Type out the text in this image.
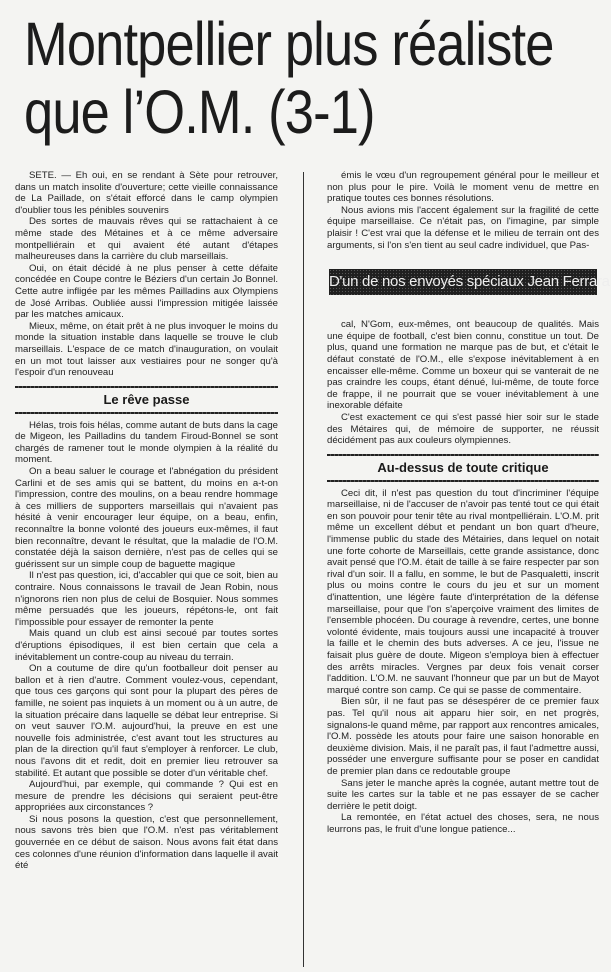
Montpellier plus réaliste
que l’O.M. (3-1)

SETE. — Eh oui, en se rendant à Sète pour retrouver, dans un match insolite d'ouverture; cette vieille connaissance de La Paillade, on s'était efforcé dans le camp olympien d'oublier tous les pénibles souvenirs

Des sortes de mauvais rêves qui se rattachaient à ce même stade des Métaines et à ce même adversaire montpelliérain et qui avaient été autant d'étapes malheureuses dans la carrière du club marseillais.

Oui, on était décidé à ne plus penser à cette défaite concédée en Coupe contre le Béziers d'un certain Jo Bonnel. Cette autre infligée par les mêmes Pailladins aux Olympiens de José Arribas. Oubliée aussi l'impression mitigée laissée par les matches amicaux.

Mieux, même, on était prêt à ne plus invoquer le moins du monde la situation instable dans laquelle se trouve le club marseillais. L'espace de ce match d'inauguration, on voulait en un mot tout laisser aux vestiaires pour ne songer qu'à l'espoir d'un renouveau

Le rêve passe

Hélas, trois fois hélas, comme autant de buts dans la cage de Migeon, les Pailladins du tandem Firoud-Bonnel se sont chargés de ramener tout le monde olympien à la réalité du moment.

On a beau saluer le courage et l'abnégation du président Carlini et de ses amis qui se battent, du moins en a-t-on l'impression, contre des moulins, on a beau rendre hommage à ces milliers de supporters marseillais qui n'avaient pas hésité à venir encourager leur équipe, on a beau, enfin, reconnaître la bonne volonté des joueurs eux-mêmes, il faut bien reconnaître, devant le résultat, que la maladie de l'O.M. constatée déjà la saison dernière, n'est pas de celles qui se guérissent sur un simple coup de baguette magique

Il n'est pas question, ici, d'accabler qui que ce soit, bien au contraire. Nous connaissons le travail de Jean Robin, nous n'ignorons rien non plus de celui de Bosquier. Nous sommes même persuadés que les joueurs, répétons-le, ont fait l'impossible pour essayer de remonter la pente

Mais quand un club est ainsi secoué par toutes sortes d'éruptions épisodiques, il est bien certain que cela a inévitablement un contre-coup au niveau du terrain.

On a coutume de dire qu'un footballeur doit penser au ballon et à rien d'autre. Comment voulez-vous, cependant, que tous ces garçons qui sont pour la plupart des pères de famille, ne soient pas inquiets à un moment ou à un autre, de la situation précaire dans laquelle se débat leur entreprise. Si on veut sauver l'O.M. aujourd'hui, la preuve en est une nouvelle fois administrée, c'est avant tout les structures au plan de la direction qu'il faut s'employer à renforcer. Le club, nous l'avons dit et redit, doit en premier lieu retrouver sa stabilité. Et autant que possible se doter d'un véritable chef.

Aujourd'hui, par exemple, qui commande ? Qui est en mesure de prendre les décisions qui seraient peut-être appropriées aux circonstances ?

Si nous posons la question, c'est que personnellement, nous savons très bien que l'O.M. n'est pas véritablement gouvernée en ce début de saison. Nous avons fait état dans ces colonnes d'une réunion d'information dans laquelle il avait été

émis le vœu d'un regroupement général pour le meilleur et non plus pour le pire. Voilà le moment venu de mettre en pratique toutes ces bonnes résolutions.

Nous avions mis l'accent également sur la fragilité de cette équipe marseillaise. Ce n'était pas, on l'imagine, par simple plaisir ! C'est vrai que la défense et le milieu de terrain ont des arguments, si l'on s'en tient au seul cadre individuel, que Pas-

D'un de nos envoyés spéciaux Jean Ferrara

cal, N'Gom, eux-mêmes, ont beaucoup de qualités. Mais une équipe de football, c'est bien connu, constitue un tout. De plus, quand une formation ne marque pas de but, et c'était le défaut constaté de l'O.M., elle s'expose inévitablement à en encaisser elle-même. Comme un boxeur qui se vanterait de ne pas craindre les coups, étant dénué, lui-même, de toute force de frappe, il ne pourrait que se vouer inévitablement à une inexorable défaite

C'est exactement ce qui s'est passé hier soir sur le stade des Métaires qui, de mémoire de supporter, ne réussit décidément pas aux couleurs olympiennes.

Au-dessus de toute critique

Ceci dit, il n'est pas question du tout d'incriminer l'équipe marseillaise, ni de l'accuser de n'avoir pas tenté tout ce qui était en son pouvoir pour tenir tête au rival montpelliérain. L'O.M. prit même un excellent début et pendant un bon quart d'heure, l'immense public du stade des Métairies, dans lequel on notait une forte cohorte de Marseillais, cette grande assistance, donc avait pensé que l'O.M. était de taille à se faire respecter par son rival d'un soir. Il a fallu, en somme, le but de Pasqualetti, inscrit plus ou moins contre le cours du jeu et sur un moment d'inattention, une légère faute d'interprétation de la défense marseillaise, pour que l'on s'aperçoive vraiment des limites de l'ensemble phocéen. Du courage à revendre, certes, une bonne volonté évidente, mais toujours aussi une incapacité à trouver la faille et le chemin des buts adverses. A ce jeu, l'issue ne faisait plus guère de doute. Migeon s'employa bien à effectuer des arrêts miracles. Vergnes par deux fois venait corser l'addition. L'O.M. ne sauvant l'honneur que par un but de Mayot marqué contre son camp. Ce qui se passe de commentaire.

Bien sûr, il ne faut pas se désespérer de ce premier faux pas. Tel qu'il nous ait apparu hier soir, en net progrès, signalons-le quand même, par rapport aux rencontres amicales, l'O.M. possède les atouts pour faire une saison honorable en deuxième division. Mais, il ne paraît pas, il faut l'admettre aussi, posséder une envergure suffisante pour se poser en candidat de premier plan dans ce redoutable groupe

Sans jeter le manche après la cognée, autant mettre tout de suite les cartes sur la table et ne pas essayer de se cacher derrière le petit doigt.

La remontée, en l'état actuel des choses, sera, ne nous leurrons pas, le fruit d'une longue patience...
